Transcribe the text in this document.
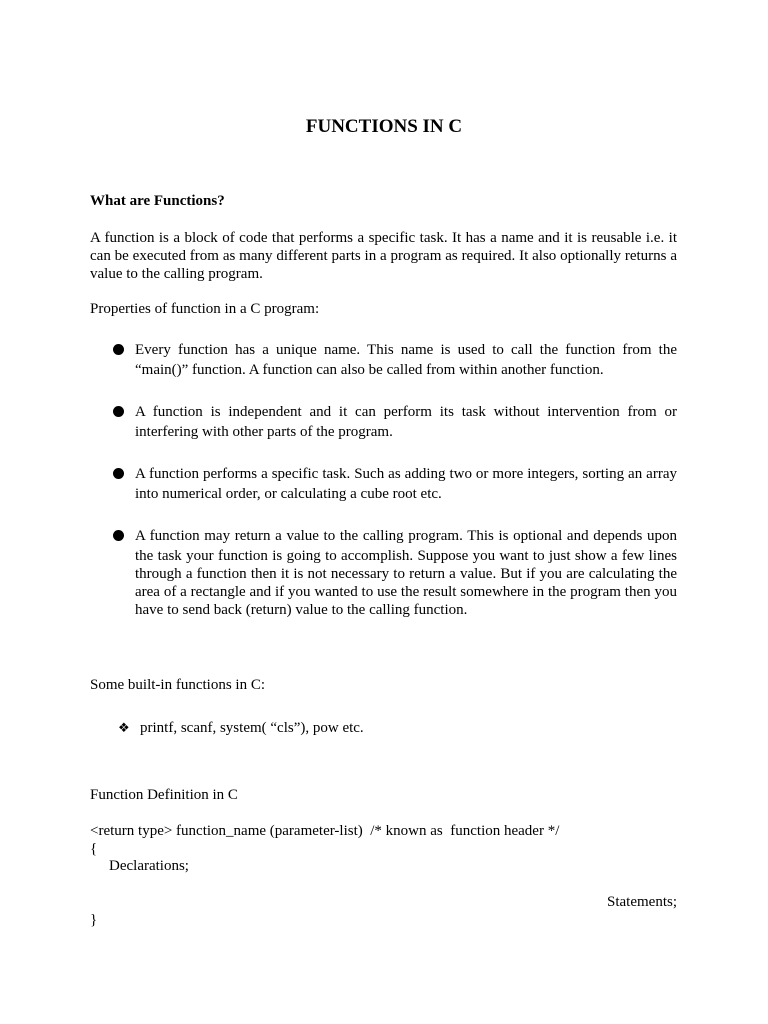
FUNCTIONS IN C
What are Functions?
A function is a block of code that performs a specific task. It has a name and it is reusable i.e. it can be executed from as many different parts in a program as required. It also optionally returns a value to the calling program.
Properties of function in a C program:
Every function has a unique name. This name is used to call the function from the
“main()” function. A function can also be called from within another function.
A function is independent and it can perform its task without intervention from or
interfering with other parts of the program.
A function performs a specific task. Such as adding two or more integers, sorting an array
into numerical order, or calculating a cube root etc.
A function may return a value to the calling program. This is optional and depends upon
the task your function is going to accomplish. Suppose you want to just show a few lines through a function then it is not necessary to return a value. But if you are calculating the area of a rectangle and if you wanted to use the result somewhere in the program then you have to send back (return) value to the calling function.
Some built-in functions in C:
❖ printf, scanf, system( “cls”), pow etc.
Function Definition in C
<return type> function_name (parameter-list)  /* known as  function header */
{
Declarations;
Statements;
}
